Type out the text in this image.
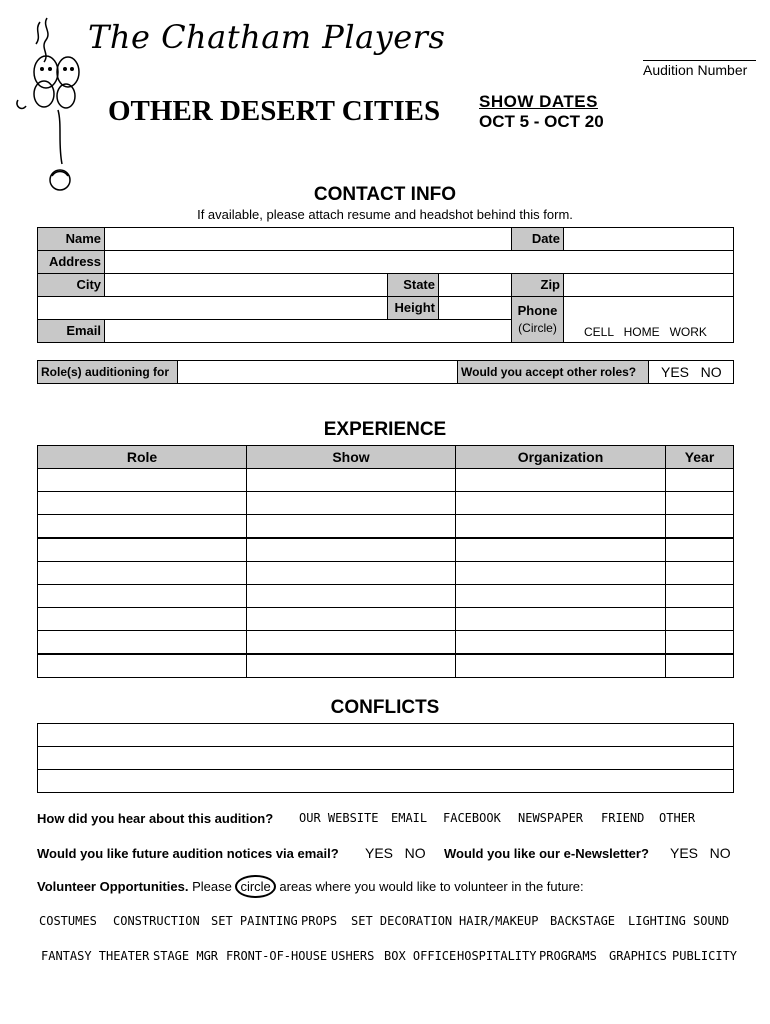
The Chatham Players
OTHER DESERT CITIES
Audition Number
SHOW DATES
OCT 5 - OCT 20
CONTACT INFO
If available, please attach resume and headshot behind this form.
Name	Date
Address
City	State	Zip
Height	Phone
(Circle)	CELL   HOME   WORK
Email
Role(s) auditioning for	Would you accept other roles?	YES   NO
EXPERIENCE
Role	Show	Organization	Year
CONFLICTS
How did you hear about this audition? OUR WEBSITE EMAIL FACEBOOK NEWSPAPER FRIEND OTHER
Would you like future audition notices via email? YES   NO Would you like our e-Newsletter? YES   NO
Volunteer Opportunities. Please circle areas where you would like to volunteer in the future:
COSTUMES CONSTRUCTION SET PAINTING PROPS SET DECORATION HAIR/MAKEUP BACKSTAGE LIGHTING SOUND
FANTASY THEATER STAGE MGR FRONT-OF-HOUSE USHERS BOX OFFICE HOSPITALITY PROGRAMS GRAPHICS PUBLICITY
